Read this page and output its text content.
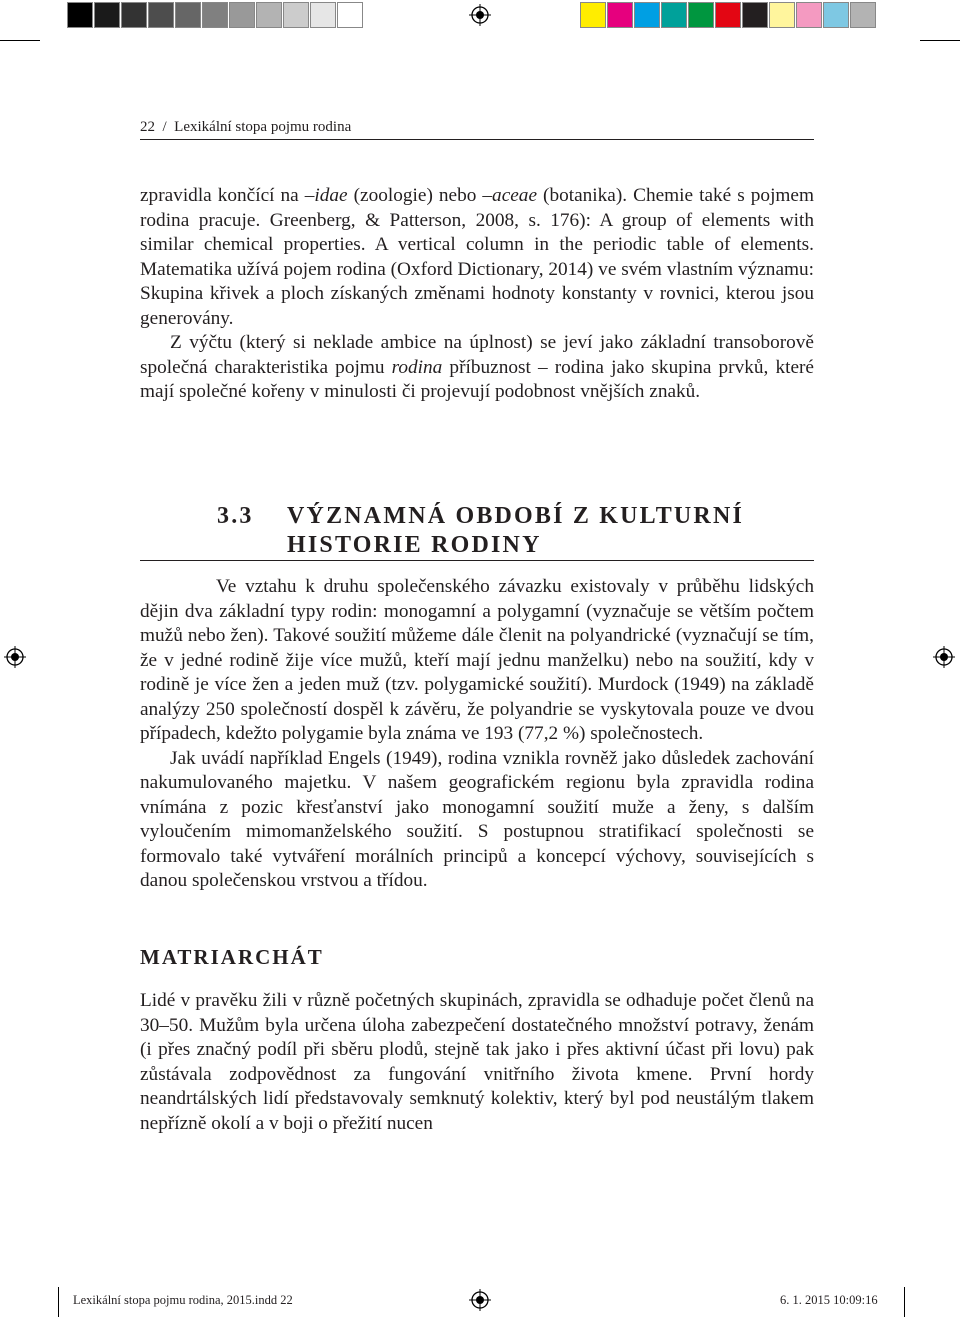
22 / Lexikální stopa pojmu rodina

zpravidla končící na –idae (zoologie) nebo –aceae (botanika). Chemie také s pojmem rodina pracuje. Greenberg, & Patterson, 2008, s. 176): A group of elements with similar chemical properties. A vertical column in the periodic table of elements. Matematika užívá pojem rodina (Oxford Dictionary, 2014) ve svém vlastním významu: Skupina křivek a ploch získaných změnami hodnoty konstanty v rovnici, kterou jsou generovány.

Z výčtu (který si neklade ambice na úplnost) se jeví jako základní transoborově společná charakteristika pojmu rodina příbuznost – rodina jako skupina prvků, které mají společné kořeny v minulosti či projevují podobnost vnějších znaků.

3.3 VÝZNAMNÁ OBDOBÍ Z KULTURNÍ
HISTORIE RODINY

Ve vztahu k druhu společenského závazku existovaly v průběhu lidských dějin dva základní typy rodin: monogamní a polygamní (vyznačuje se větším počtem mužů nebo žen). Takové soužití můžeme dále členit na polyandrické (vyznačují se tím, že v jedné rodině žije více mužů, kteří mají jednu manželku) nebo na soužití, kdy v rodině je více žen a jeden muž (tzv. polygamické soužití). Murdock (1949) na základě analýzy 250 společností dospěl k závěru, že polyandrie se vyskytovala pouze ve dvou případech, kdežto polygamie byla známa ve 193 (77,2 %) společnostech.

Jak uvádí například Engels (1949), rodina vznikla rovněž jako důsledek zachování nakumulovaného majetku. V našem geografickém regionu byla zpravidla rodina vnímána z pozic křesťanství jako monogamní soužití muže a ženy, s dalším vyloučením mimomanželského soužití. S postupnou stratifikací společnosti se formovalo také vytváření morálních principů a koncepcí výchovy, souvisejících s danou společenskou vrstvou a třídou.

MATRIARCHÁT

Lidé v pravěku žili v různě početných skupinách, zpravidla se odhaduje počet členů na 30–50. Mužům byla určena úloha zabezpečení dostatečného množství potravy, ženám (i přes značný podíl při sběru plodů, stejně tak jako i přes aktivní účast při lovu) pak zůstávala zodpovědnost za fungování vnitřního života kmene. První hordy neandrtálských lidí představovaly semknutý kolektiv, který byl pod neustálým tlakem nepřízně okolí a v boji o přežití nucen

Lexikální stopa pojmu rodina, 2015.indd 22	6. 1. 2015 10:09:16
